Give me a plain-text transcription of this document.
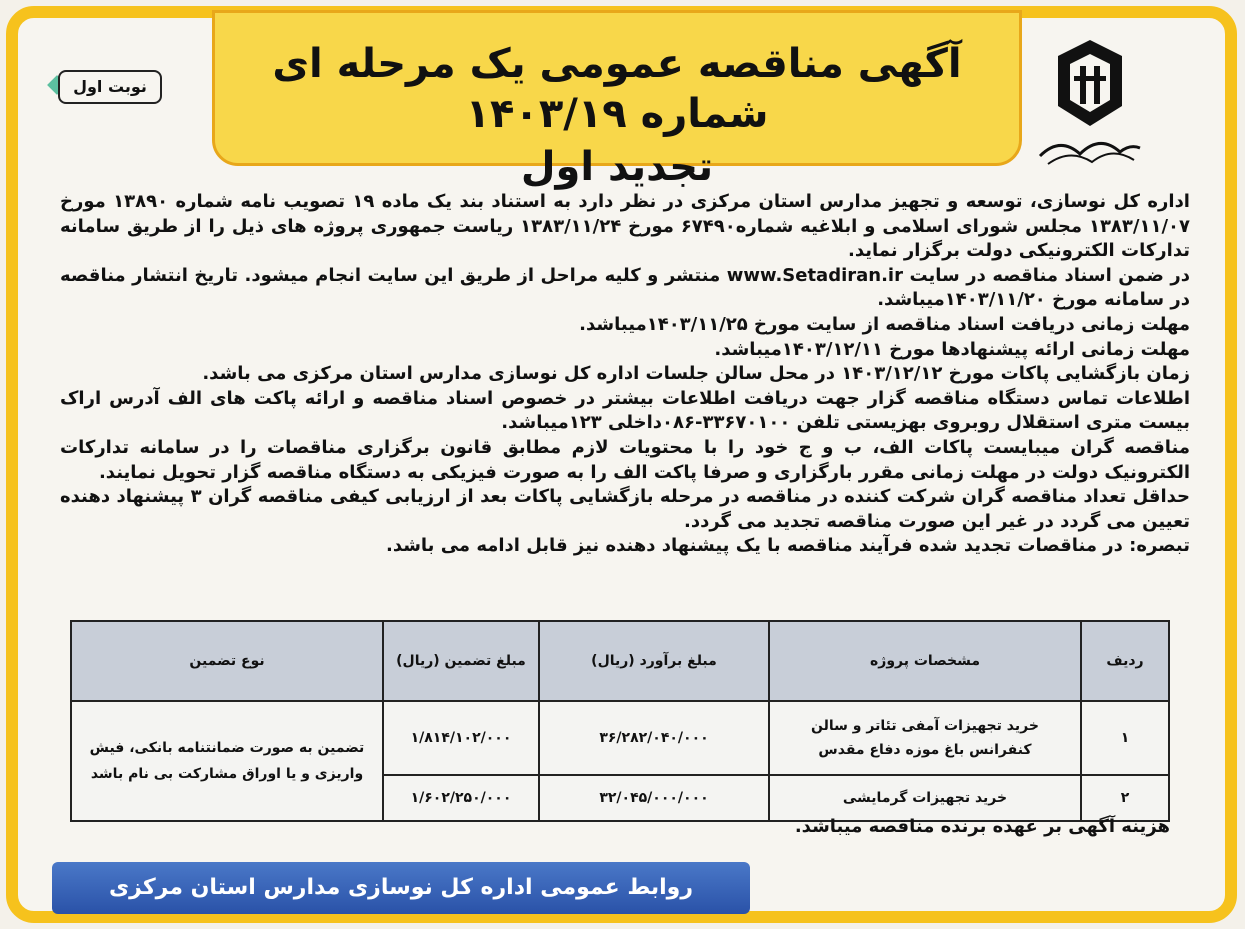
آگهی مناقصه عمومی یک مرحله ای شماره ۱۴۰۳/۱۹
تجدید اول
نوبت اول

اداره کل نوسازی، توسعه و تجهیز مدارس استان مرکزی در نظر دارد به استناد بند یک ماده ۱۹ تصویب نامه شماره ۱۳۸۹۰ مورخ ۱۳۸۳/۱۱/۰۷ مجلس شورای اسلامی و ابلاغیه شماره۶۷۴۹۰ مورخ ۱۳۸۳/۱۱/۲۴ ریاست جمهوری پروژه های ذیل را از طریق سامانه تدارکات الکترونیکی دولت برگزار نماید.

در ضمن اسناد مناقصه در سایت www.Setadiran.ir منتشر و کلیه مراحل از طریق این سایت انجام میشود. تاریخ انتشار مناقصه در سامانه مورخ ۱۴۰۳/۱۱/۲۰میباشد.

مهلت زمانی دریافت اسناد مناقصه از سایت مورخ ۱۴۰۳/۱۱/۲۵میباشد.

مهلت زمانی ارائه پیشنهادها مورخ ۱۴۰۳/۱۲/۱۱میباشد.

زمان بازگشایی پاکات مورخ ۱۴۰۳/۱۲/۱۲ در محل سالن جلسات اداره کل نوسازی مدارس استان مرکزی می باشد.

اطلاعات تماس دستگاه مناقصه گزار جهت دریافت اطلاعات بیشتر در خصوص اسناد مناقصه و ارائه پاکت های الف آدرس اراک بیست متری استقلال روبروی بهزیستی تلفن ۳۳۶۷۰۱۰۰-۰۸۶داخلی ۱۲۳میباشد.

مناقصه گران میبایست پاکات الف، ب و ج خود را با محتویات لازم مطابق قانون برگزاری مناقصات را در سامانه تدارکات الکترونیک دولت در مهلت زمانی مقرر بارگزاری و صرفا پاکت الف را به صورت فیزیکی به دستگاه مناقصه گزار تحویل نمایند.

حداقل تعداد مناقصه گران شرکت کننده در مناقصه در مرحله بازگشایی پاکات بعد از ارزیابی کیفی مناقصه گران ۳ پیشنهاد دهنده تعیین می گردد در غیر این صورت مناقصه تجدید می گردد.

تبصره: در مناقصات تجدید شده فرآیند مناقصه با یک پیشنهاد دهنده نیز قابل ادامه می باشد.

ردیف	مشخصات پروژه	مبلغ برآورد (ریال)	مبلغ تضمین (ریال)	نوع تضمین
۱	خرید تجهیزات آمفی تئاتر و سالن کنفرانس باغ موزه دفاع مقدس	۳۶/۲۸۲/۰۴۰/۰۰۰	۱/۸۱۴/۱۰۲/۰۰۰	تضمین به صورت ضمانتنامه بانکی، فیش واریزی و یا اوراق مشارکت بی نام باشد
۲	خرید تجهیزات گرمایشی	۳۲/۰۴۵/۰۰۰/۰۰۰	۱/۶۰۲/۲۵۰/۰۰۰	
هزینه آگهی بر عهده برنده مناقصه میباشد.
روابط عمومی اداره کل نوسازی مدارس استان مرکزی
